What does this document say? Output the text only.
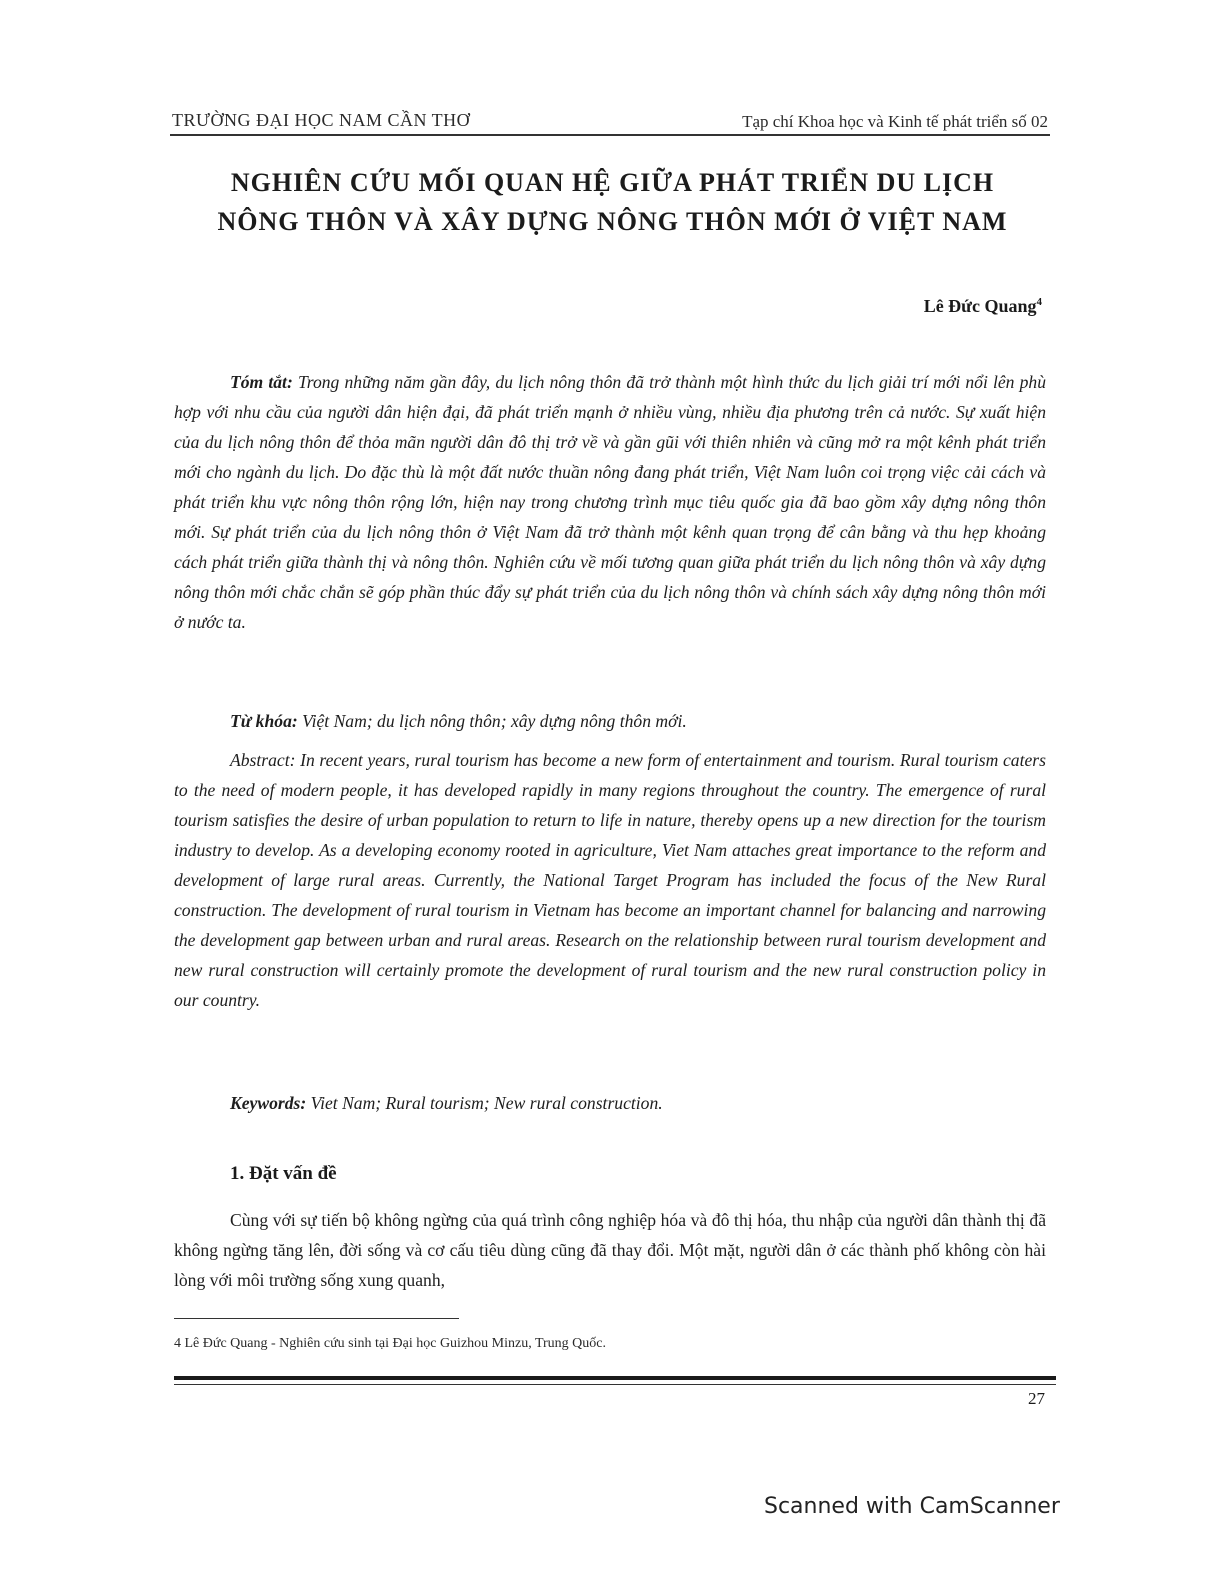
TRƯỜNG ĐẠI HỌC NAM CẦN THƠ	Tạp chí Khoa học và Kinh tế phát triển số 02
NGHIÊN CỨU MỐI QUAN HỆ GIỮA PHÁT TRIỂN DU LỊCH
NÔNG THÔN VÀ XÂY DỰNG NÔNG THÔN MỚI Ở VIỆT NAM
Lê Đức Quang$^4$
Tóm tắt: Trong những năm gần đây, du lịch nông thôn đã trở thành một hình thức du lịch giải trí mới nổi lên phù hợp với nhu cầu của người dân hiện đại, đã phát triển mạnh ở nhiều vùng, nhiều địa phương trên cả nước. Sự xuất hiện của du lịch nông thôn để thỏa mãn người dân đô thị trở về và gần gũi với thiên nhiên và cũng mở ra một kênh phát triển mới cho ngành du lịch. Do đặc thù là một đất nước thuần nông đang phát triển, Việt Nam luôn coi trọng việc cải cách và phát triển khu vực nông thôn rộng lớn, hiện nay trong chương trình mục tiêu quốc gia đã bao gồm xây dựng nông thôn mới. Sự phát triển của du lịch nông thôn ở Việt Nam đã trở thành một kênh quan trọng để cân bằng và thu hẹp khoảng cách phát triển giữa thành thị và nông thôn. Nghiên cứu về mối tương quan giữa phát triển du lịch nông thôn và xây dựng nông thôn mới chắc chắn sẽ góp phần thúc đẩy sự phát triển của du lịch nông thôn và chính sách xây dựng nông thôn mới ở nước ta.
Từ khóa: Việt Nam; du lịch nông thôn; xây dựng nông thôn mới.
Abstract: In recent years, rural tourism has become a new form of entertainment and tourism. Rural tourism caters to the need of modern people, it has developed rapidly in many regions throughout the country. The emergence of rural tourism satisfies the desire of urban population to return to life in nature, thereby opens up a new direction for the tourism industry to develop. As a developing economy rooted in agriculture, Viet Nam attaches great importance to the reform and development of large rural areas. Currently, the National Target Program has included the focus of the New Rural construction. The development of rural tourism in Vietnam has become an important channel for balancing and narrowing the development gap between urban and rural areas. Research on the relationship between rural tourism development and new rural construction will certainly promote the development of rural tourism and the new rural construction policy in our country.
Keywords: Viet Nam; Rural tourism; New rural construction.
1. Đặt vấn đề
Cùng với sự tiến bộ không ngừng của quá trình công nghiệp hóa và đô thị hóa, thu nhập của người dân thành thị đã không ngừng tăng lên, đời sống và cơ cấu tiêu dùng cũng đã thay đổi. Một mặt, người dân ở các thành phố không còn hài lòng với môi trường sống xung quanh,
4 Lê Đức Quang - Nghiên cứu sinh tại Đại học Guizhou Minzu, Trung Quốc.
27
Scanned with CamScanner
